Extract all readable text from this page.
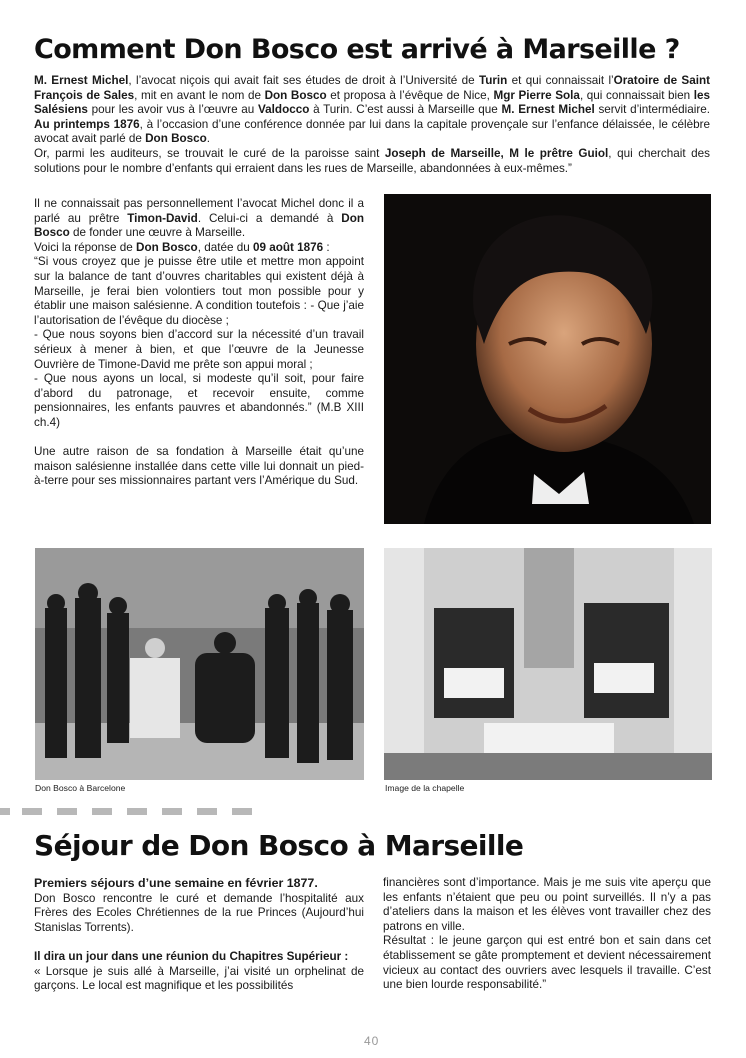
Comment Don Bosco est arrivé à Marseille ?

M. Ernest Michel, l’avocat niçois qui avait fait ses études de droit à l’Université de Turin et qui connaissait l’Oratoire de Saint François de Sales, mit en avant le nom de Don Bosco et proposa à l’évêque de Nice, Mgr Pierre Sola, qui connaissait bien les Salésiens pour les avoir vus à l’œuvre au Valdocco à Turin. C’est aussi à Marseille que M. Ernest Michel servit d’intermédiaire. Au printemps 1876, à l’occasion d’une conférence donnée par lui dans la capitale provençale sur l’enfance délaissée, le célèbre avocat avait parlé de Don Bosco.

Or, parmi les auditeurs, se trouvait le curé de la paroisse saint Joseph de Marseille, M le prêtre Guiol, qui cherchait des solutions pour le nombre d’enfants qui erraient dans les rues de Marseille, abandonnées à eux-mêmes.”

Il ne connaissait pas personnellement l’avocat Michel donc il a parlé au prêtre Timon-David. Celui-ci a demandé à Don Bosco de fonder une œuvre à Marseille.

Voici la réponse de Don Bosco, datée du 09 août 1876 :

“Si vous croyez que je puisse être utile et mettre mon appoint sur la balance de tant d’ouvres charitables qui existent déjà à Marseille, je ferai bien volontiers tout mon possible pour y établir une maison salésienne. A condition toutefois : - Que j’aie l’autorisation de l’évêque du diocèse ;

- Que nous soyons bien d’accord sur la nécessité d’un travail sérieux à mener à bien, et que l’œuvre de la Jeunesse Ouvrière de Timone-David me prête son appui moral ;

- Que nous ayons un local, si modeste qu’il soit, pour faire d’abord du patronage, et recevoir ensuite, comme pensionnaires, les enfants pauvres et abandonnés.” (M.B XIII ch.4)

Une autre raison de sa fondation à Marseille était qu’une maison salésienne installée dans cette ville lui donnait un pied-à-terre pour ses missionnaires partant vers l’Amérique du Sud.

Don Bosco à Barcelone	Image de la chapelle
Séjour de Don Bosco à Marseille

Premiers séjours d’une semaine en février 1877.

Don Bosco rencontre le curé et demande l’hospitalité aux Frères des Ecoles Chrétiennes de la rue Princes (Aujourd’hui Stanislas Torrents).

Il dira un jour dans une réunion du Chapitres Supérieur :

« Lorsque je suis allé à Marseille, j’ai visité un orphelinat de garçons. Le local est magnifique et les possibilités

financières sont d’importance. Mais je me suis vite aperçu que les enfants n’étaient que peu ou point surveillés. Il n’y a pas d’ateliers dans la maison et les élèves vont travailler chez des patrons en ville.

Résultat : le jeune garçon qui est entré bon et sain dans cet établissement se gâte promptement et devient nécessairement vicieux au contact des ouvriers avec lesquels il travaille. C’est une bien lourde responsabilité.”

40
